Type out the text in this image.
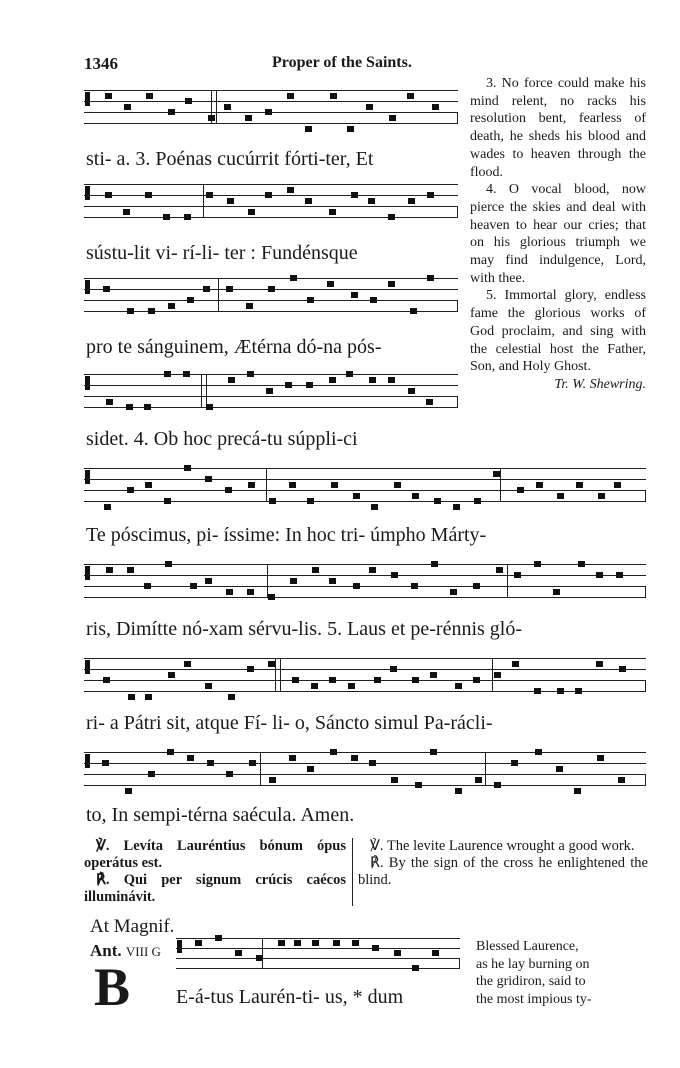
1346	Proper of the Saints.
sti- a. 3. Poénas cucúrrit fórti-ter, Et
sústu-lit vi- rí-li- ter : Fundénsque
pro te sánguinem, Ætérna dó-na pós-
sidet. 4. Ob hoc precá-tu súppli-ci
Te póscimus, pi- íssime: In hoc tri- úmpho Márty-
ris, Dimítte nó-xam sérvu-lis. 5. Laus et pe-rénnis gló-
ri- a Pátri sit, atque Fí- li- o, Sáncto simul Pa-rácli-
to, In sempi-térna saécula. Amen.

3. No force could make his mind relent, no racks his resolution bent, fearless of death, he sheds his blood and wades to heaven through the flood.

4. O vocal blood, now pierce the skies and deal with heaven to hear our cries; that on his glorious triumph we may find indulgence, Lord, with thee.

5. Immortal glory, endless fame the glorious works of God proclaim, and sing with the celestial host the Father, Son, and Holy Ghost.

Tr. W. Shewring.

℣. Levíta Lauréntius bónum ópus operátus est.

℟. Qui per signum crúcis caécos illuminávit.

℣. The levite Laurence wrought a good work.

℟. By the sign of the cross he enlightened the blind.

At Magnif.
Ant. VIII G
B E-á-tus Laurén-ti- us, * dum
Blessed Laurence,
as he lay burning on
the gridiron, said to
the most impious ty-
